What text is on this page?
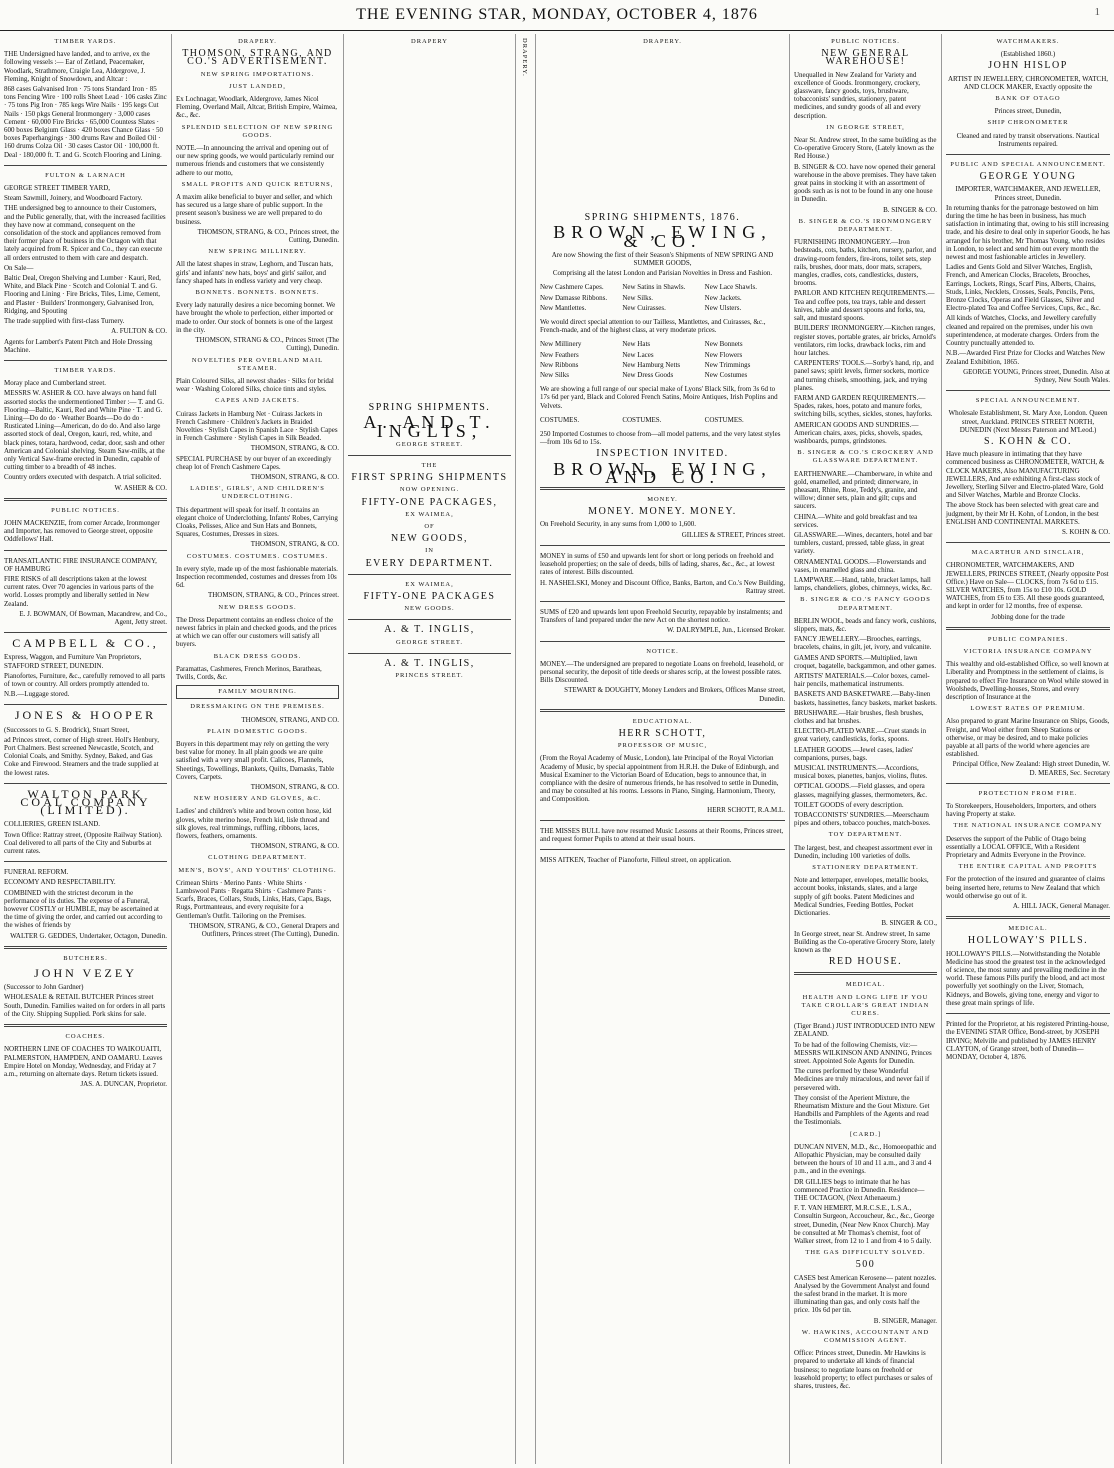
THE EVENING STAR, MONDAY, OCTOBER 4, 1876	1
TIMBER YARDS.
THE Undersigned have landed, and to arrive, ex the following vessels :— Ear of Zetland, Peacemaker, Woodlark, Strathmore, Craigie Lea, Aldergrove, J. Fleming, Knight of Snowdown, and Altcar :
868 cases Galvanised Iron · 75 tons Standard Iron · 85 tons Fencing Wire · 100 rolls Sheet Lead · 106 casks Zinc · 75 tons Pig Iron · 785 kegs Wire Nails · 195 kegs Cut Nails · 150 pkgs General Ironmongery · 3,000 cases Cement · 60,000 Fire Bricks · 65,000 Countess Slates · 600 boxes Belgium Glass · 420 boxes Chance Glass · 50 boxes Paperhangings · 300 drums Raw and Boiled Oil · 160 drums Colza Oil · 30 cases Castor Oil · 100,000 ft. Deal · 180,000 ft. T. and G. Scotch Flooring and Lining.
FULTON & LARNACH
GEORGE STREET TIMBER YARD,
Steam Sawmill, Joinery, and Woodboard Factory.
THE undersigned beg to announce to their Customers, and the Public generally, that, with the increased facilities they have now at command, consequent on the consolidation of the stock and appliances removed from their former place of business in the Octagon with that lately acquired from R. Spicer and Co., they can execute all orders entrusted to them with care and despatch.
On Sale—
Baltic Deal, Oregon Shelving and Lumber · Kauri, Red, White, and Black Pine · Scotch and Colonial T. and G. Flooring and Lining · Fire Bricks, Tiles, Lime, Cement, and Plaster · Builders' Ironmongery, Galvanised Iron, Ridging, and Spouting
The trade supplied with first-class Turnery.
A. FULTON & CO.
Agents for Lambert's Patent Pitch and Hole Dressing Machine.
TIMBER YARDS.
Moray place and Cumberland street.
MESSRS W. ASHER & CO. have always on hand full assorted stocks the undermentioned Timber :— T. and G. Flooring—Baltic, Kauri, Red and White Pine · T. and G. Lining—Do do do · Weather Boards—Do do do · Rusticated Lining—American, do do do. And also large assorted stock of deal, Oregon, kauri, red, white, and black pines, totara, hardwood, cedar, door, sash and other American and Colonial shelving. Steam Saw-mills, at the only Vertical Saw-frame erected in Dunedin, capable of cutting timber to a breadth of 48 inches.
Country orders executed with despatch. A trial solicited.
W. ASHER & CO.
PUBLIC NOTICES.
JOHN MACKENZIE, from corner Arcade, Ironmonger and Importer, has removed to George street, opposite Oddfellows' Hall.
TRANSATLANTIC FIRE INSURANCE COMPANY, OF HAMBURG
FIRE RISKS of all descriptions taken at the lowest current rates. Over 70 agencies in various parts of the world. Losses promptly and liberally settled in New Zealand.
E. J. BOWMAN, Of Bowman, Macandrew, and Co., Agent, Jetty street.
CAMPBELL & CO.,
Express, Waggon, and Furniture Van Proprietors, STAFFORD STREET, DUNEDIN.
Pianofortes, Furniture, &c., carefully removed to all parts of town or country. All orders promptly attended to.
N.B.—Luggage stored.
JONES & HOOPER
(Successors to G. S. Brodrick), Stuart Street,
ad Princes street, corner of High street. Holl's Henbury, Port Chalmers. Best screened Newcastle, Scotch, and Colonial Coals, and Smithy. Sydney, Baked, and Gas Coke and Firewood. Steamers and the trade supplied at the lowest rates.
WALTON PARK COAL COMPANY (LIMITED).
COLLIERIES, GREEN ISLAND.
Town Office: Rattray street, (Opposite Railway Station). Coal delivered to all parts of the City and Suburbs at current rates.
FUNERAL REFORM.
ECONOMY AND RESPECTABILITY.
COMBINED with the strictest decorum in the performance of its duties. The expense of a Funeral, however COSTLY or HUMBLE, may be ascertained at the time of giving the order, and carried out according to the wishes of friends by
WALTER G. GEDDES, Undertaker, Octagon, Dunedin.
BUTCHERS.
JOHN VEZEY
(Successor to John Gardner)
WHOLESALE & RETAIL BUTCHER Princes street South, Dunedin. Families waited on for orders in all parts of the City. Shipping Supplied. Pork skins for sale.
COACHES.
NORTHERN LINE OF COACHES TO WAIKOUAITI, PALMERSTON, HAMPDEN, AND OAMARU. Leaves Empire Hotel on Monday, Wednesday, and Friday at 7 a.m., returning on alternate days. Return tickets issued.
JAS. A. DUNCAN, Proprietor.
DRAPERY.
THOMSON, STRANG, AND CO.'S ADVERTISEMENT.
NEW SPRING IMPORTATIONS.
JUST LANDED,
Ex Lochnagar, Woodlark, Aldergrove, James Nicol Fleming, Overland Mail, Altcar, British Empire, Waimea, &c., &c.
SPLENDID SELECTION OF NEW SPRING GOODS.
NOTE.—In announcing the arrival and opening out of our new spring goods, we would particularly remind our numerous friends and customers that we consistently adhere to our motto,
SMALL PROFITS AND QUICK RETURNS,
A maxim alike beneficial to buyer and seller, and which has secured us a large share of public support. In the present season's business we are well prepared to do business.
THOMSON, STRANG, & CO., Princes street, the Cutting, Dunedin.
NEW SPRING MILLINERY.
All the latest shapes in straw, Leghorn, and Tuscan hats, girls' and infants' new hats, boys' and girls' sailor, and fancy shaped hats in endless variety and very cheap.
BONNETS. BONNETS. BONNETS.
Every lady naturally desires a nice becoming bonnet. We have brought the whole to perfection, either imported or made to order. Our stock of bonnets is one of the largest in the city.
THOMSON, STRANG & CO., Princes Street (The Cutting), Dunedin.
NOVELTIES PER OVERLAND MAIL STEAMER.
Plain Coloured Silks, all newest shades · Silks for bridal wear · Washing Colored Silks, choice tints and styles.
CAPES AND JACKETS.
Cuirass Jackets in Hamburg Net · Cuirass Jackets in French Cashmere · Children's Jackets in Braided Novelties · Stylish Capes in Spanish Lace · Stylish Capes in French Cashmere · Stylish Capes in Silk Beaded.
THOMSON, STRANG, & CO.
SPECIAL PURCHASE by our buyer of an exceedingly cheap lot of French Cashmere Capes.
THOMSON, STRANG, & CO.
LADIES', GIRLS', AND CHILDREN'S UNDERCLOTHING.
This department will speak for itself. It contains an elegant choice of Underclothing, Infants' Robes, Carrying Cloaks, Pelisses, Alice and Sun Hats and Bonnets, Squares, Costumes, Dresses in sizes.
THOMSON, STRANG, & CO.
COSTUMES. COSTUMES. COSTUMES.
In every style, made up of the most fashionable materials. Inspection recommended, costumes and dresses from 10s 6d.
THOMSON, STRANG, & CO., Princes street.
NEW DRESS GOODS.
The Dress Department contains an endless choice of the newest fabrics in plain and checked goods, and the prices at which we can offer our customers will satisfy all buyers.
BLACK DRESS GOODS.
Paramattas, Cashmeres, French Merinos, Baratheas, Twills, Cords, &c.
FAMILY MOURNING.
DRESSMAKING ON THE PREMISES.
THOMSON, STRANG, AND CO.
PLAIN DOMESTIC GOODS.
Buyers in this department may rely on getting the very best value for money. In all plain goods we are quite satisfied with a very small profit. Calicoes, Flannels, Sheetings, Towellings, Blankets, Quilts, Damasks, Table Covers, Carpets.
THOMSON, STRANG, & CO.
NEW HOSIERY AND GLOVES, &C.
Ladies' and children's white and brown cotton hose, kid gloves, white merino hose, French kid, lisle thread and silk gloves, real trimmings, ruffling, ribbons, laces, flowers, feathers, ornaments.
THOMSON, STRANG, & CO.
CLOTHING DEPARTMENT.
MEN'S, BOYS', AND YOUTHS' CLOTHING.
Crimean Shirts · Merino Pants · White Shirts · Lambswool Pants · Regatta Shirts · Cashmere Pants · Scarfs, Braces, Collars, Studs, Links, Hats, Caps, Bags, Rugs, Portmanteaus, and every requisite for a Gentleman's Outfit. Tailoring on the Premises.
THOMSON, STRANG, & CO., General Drapers and Outfitters, Princes street (The Cutting), Dunedin.
DRAPERY
SPRING SHIPMENTS.
A. AND T. INGLIS,
GEORGE STREET.
THE
FIRST SPRING SHIPMENTS
NOW OPENING.
FIFTY-ONE PACKAGES,
EX WAIMEA,
OF
NEW GOODS,
IN
EVERY DEPARTMENT.
EX WAIMEA,
FIFTY-ONE PACKAGES
NEW GOODS.
A. & T. INGLIS,
GEORGE STREET.
A. & T. INGLIS,
PRINCES STREET.
DRAPERY.	DRAPERY.
SPRING SHIPMENTS, 1876.
BROWN, EWING, & CO.
Are now Showing the first of their Season's Shipments of NEW SPRING AND SUMMER GOODS,
Comprising all the latest London and Parisian Novelties in Dress and Fashion.
New Cashmere Capes.	New Satins in Shawls.	New Lace Shawls.
New Damasse Ribbons.	New Silks.	New Jackets.
New Mantlettes.	New Cuirasses.	New Ulsters.
We would direct special attention to our Tailless, Mantlettes, and Cuirasses, &c., French-made, and of the highest class, at very moderate prices.
New Millinery	New Hats	New Bonnets
New Feathers	New Laces	New Flowers
New Ribbons	New Hamburg Netts	New Trimmings
New Silks	New Dress Goods	New Costumes
We are showing a full range of our special make of Lyons' Black Silk, from 3s 6d to 17s 6d per yard, Black and Colored French Satins, Moire Antiques, Irish Poplins and Velvets.
COSTUMES.	COSTUMES.	COSTUMES.
250 Imported Costumes to choose from—all model patterns, and the very latest styles—from 10s 6d to 15s.
INSPECTION INVITED.
BROWN, EWING, AND CO.
MONEY.
MONEY. MONEY. MONEY.
On Freehold Security, in any sums from 1,000 to 1,600.
GILLIES & STREET, Princes street.
MONEY in sums of £50 and upwards lent for short or long periods on freehold and leasehold properties; on the sale of deeds, bills of lading, shares, &c., &c., at lowest rates of interest. Bills discounted.
H. NASHELSKI, Money and Discount Office, Banks, Barton, and Co.'s New Building, Rattray street.
SUMS of £20 and upwards lent upon Freehold Security, repayable by instalments; and Transfers of land prepared under the new Act on the shortest notice.
W. DALRYMPLE, Jun., Licensed Broker.
NOTICE.
MONEY.—The undersigned are prepared to negotiate Loans on freehold, leasehold, or personal security, the deposit of title deeds or shares scrip, at the lowest possible rates. Bills Discounted.
STEWART & DOUGHTY, Money Lenders and Brokers, Offices Manse street, Dunedin.
EDUCATIONAL.
HERR SCHOTT,
PROFESSOR OF MUSIC,
(From the Royal Academy of Music, London), late Principal of the Royal Victorian Academy of Music, by special appointment from H.R.H. the Duke of Edinburgh, and Musical Examiner to the Victorian Board of Education, begs to announce that, in compliance with the desire of numerous friends, he has resolved to settle in Dunedin, and may be consulted at his rooms. Lessons in Piano, Singing, Harmonium, Theory, and Composition.
HERR SCHOTT, R.A.M.L.
THE MISSES BULL have now resumed Music Lessons at their Rooms, Princes street, and request former Pupils to attend at their usual hours.
MISS AITKEN, Teacher of Pianoforte, Filleul street, on application.
PUBLIC NOTICES.
NEW GENERAL WAREHOUSE!
Unequalled in New Zealand for Variety and excellence of Goods. Ironmongery, crockery, glassware, fancy goods, toys, brushware, tobacconists' sundries, stationery, patent medicines, and sundry goods of all and every description.
IN GEORGE STREET,
Near St. Andrew street, In the same building as the Co-operative Grocery Store, (Lately known as the Red House.)
B. SINGER & CO. have now opened their general warehouse in the above premises. They have taken great pains in stocking it with an assortment of goods such as is not to be found in any one house in Dunedin.
B. SINGER & CO.
B. SINGER & CO.'S IRONMONGERY DEPARTMENT.
FURNISHING IRONMONGERY.—Iron bedsteads, cots, baths, kitchen, nursery, parlor, and drawing-room fenders, fire-irons, toilet sets, step rails, brushes, door mats, door mats, scrapers, mangles, cradles, cots, candlesticks, dusters, brooms.
PARLOR AND KITCHEN REQUIREMENTS.—Tea and coffee pots, tea trays, table and dessert knives, table and dessert spoons and forks, tea, salt, and mustard spoons.
BUILDERS' IRONMONGERY.—Kitchen ranges, register stoves, portable grates, air bricks, Arnold's ventilators, rim locks, drawback locks, rim and hour latches.
CARPENTERS' TOOLS.—Sorby's hand, rip, and panel saws; spirit levels, firmer sockets, mortice and turning chisels, smoothing, jack, and trying planes.
FARM AND GARDEN REQUIREMENTS.—Spades, rakes, hoes, potato and manure forks, switching bills, scythes, sickles, stones, hayforks.
AMERICAN GOODS AND SUNDRIES.—American chairs, axes, picks, shovels, spades, washboards, pumps, grindstones.
B. SINGER & CO.'S CROCKERY AND GLASSWARE DEPARTMENT.
EARTHENWARE.—Chamberware, in white and gold, enamelled, and printed; dinnerware, in pheasant, Rhine, Rose, Teddy's, granite, and willow; dinner sets, plain and gilt; cups and saucers.
CHINA.—White and gold breakfast and tea services.
GLASSWARE.—Wines, decanters, hotel and bar tumblers, custard, pressed, table glass, in great variety.
ORNAMENTAL GOODS.—Flowerstands and vases, in enamelled glass and china.
LAMPWARE.—Hand, table, bracket lamps, hall lamps, chandeliers, globes, chimneys, wicks, &c.
B. SINGER & CO.'S FANCY GOODS DEPARTMENT.
BERLIN WOOL, beads and fancy work, cushions, slippers, mats, &c.
FANCY JEWELLERY.—Brooches, earrings, bracelets, chains, in gilt, jet, ivory, and vulcanite.
GAMES AND SPORTS.—Multiplied, lawn croquet, bagatelle, backgammon, and other games.
ARTISTS' MATERIALS.—Color boxes, camel-hair pencils, mathematical instruments.
BASKETS AND BASKETWARE.—Baby-linen baskets, hassinettes, fancy baskets, market baskets.
BRUSHWARE.—Hair brushes, flesh brushes, clothes and hat brushes.
ELECTRO-PLATED WARE.—Cruet stands in great variety, candlesticks, forks, spoons.
LEATHER GOODS.—Jewel cases, ladies' companions, purses, bags.
MUSICAL INSTRUMENTS.—Accordions, musical boxes, pianettes, banjos, violins, flutes.
OPTICAL GOODS.—Field glasses, and opera glasses, magnifying glasses, thermometers, &c.
TOILET GOODS of every description.
TOBACCONISTS' SUNDRIES.—Meerschaum pipes and others, tobacco pouches, match-boxes.
TOY DEPARTMENT.
The largest, best, and cheapest assortment ever in Dunedin, including 100 varieties of dolls.
STATIONERY DEPARTMENT.
Note and letterpaper, envelopes, metallic books, account books, inkstands, slates, and a large supply of gift books. Patent Medicines and Medical Sundries, Feeding Bottles, Pocket Dictionaries.
B. SINGER & CO.,
In George street, near St. Andrew street, In same Building as the Co-operative Grocery Store, lately known as the
RED HOUSE.
MEDICAL.
HEALTH AND LONG LIFE IF YOU TAKE CROLLAR'S GREAT INDIAN CURES.
(Tiger Brand.) JUST INTRODUCED INTO NEW ZEALAND.
To be had of the following Chemists, viz:— MESSRS WILKINSON AND ANNING, Princes street. Appointed Sole Agents for Dunedin.
The cures performed by these Wonderful Medicines are truly miraculous, and never fail if persevered with.
They consist of the Aperient Mixture, the Rheumatism Mixture and the Gout Mixture. Get Handbills and Pamphlets of the Agents and read the Testimonials.
[CARD.]
DUNCAN NIVEN, M.D., &c., Homoeopathic and Allopathic Physician, may be consulted daily between the hours of 10 and 11 a.m., and 3 and 4 p.m., and in the evenings.
DR GILLIES begs to intimate that he has commenced Practice in Dunedin. Residence—THE OCTAGON, (Next Athenaeum.)
F. T. VAN HEMERT, M.R.C.S.E., L.S.A., Consultin Surgeon, Accoucheur, &c., &c., George street, Dunedin, (Near New Knox Church). May be consulted at Mr Thomas's chemist, foot of Walker street, from 12 to 1 and from 4 to 5 daily.
THE GAS DIFFICULTY SOLVED.
500
CASES best American Kerosene— patent nozzles. Analysed by the Government Analyst and found the safest brand in the market. It is more illuminating than gas, and only costs half the price. 10s 6d per tin.
B. SINGER, Manager.
W. HAWKINS, ACCOUNTANT AND COMMISSION AGENT.
Office: Princes street, Dunedin. Mr Hawkins is prepared to undertake all kinds of financial business; to negotiate loans on freehold or leasehold property; to effect purchases or sales of shares, trustees, &c.
WATCHMAKERS.
(Established 1860.)
JOHN HISLOP
ARTIST IN JEWELLERY, CHRONOMETER, WATCH, AND CLOCK MAKER, Exactly opposite the
BANK OF OTAGO
Princes street, Dunedin,
SHIP CHRONOMETER
Cleaned and rated by transit observations. Nautical Instruments repaired.
PUBLIC AND SPECIAL ANNOUNCEMENT.
GEORGE YOUNG
IMPORTER, WATCHMAKER, AND JEWELLER, Princes street, Dunedin.
In returning thanks for the patronage bestowed on him during the time he has been in business, has much satisfaction in intimating that, owing to his still increasing trade, and his desire to deal only in superior Goods, he has arranged for his brother, Mr Thomas Young, who resides in London, to select and send him out every month the newest and most fashionable articles in Jewellery.
Ladies and Gents Gold and Silver Watches, English, French, and American Clocks, Bracelets, Brooches, Earrings, Lockets, Rings, Scarf Pins, Alberts, Chains, Studs, Links, Necklets, Crosses, Seals, Pencils, Pens, Bronze Clocks, Operas and Field Glasses, Silver and Electro-plated Tea and Coffee Services, Cups, &c., &c.
All kinds of Watches, Clocks, and Jewellery carefully cleaned and repaired on the premises, under his own superintendence, at moderate charges. Orders from the Country punctually attended to.
N.B.—Awarded First Prize for Clocks and Watches New Zealand Exhibition, 1865.
GEORGE YOUNG, Princes street, Dunedin. Also at Sydney, New South Wales.
SPECIAL ANNOUNCEMENT.
Wholesale Establishment, St. Mary Axe, London. Queen street, Auckland. PRINCES STREET NORTH, DUNEDIN (Next Messrs Paterson and M'Leod.)
S. KOHN & CO.
Have much pleasure in intimating that they have commenced business as CHRONOMETER, WATCH, & CLOCK MAKERS, Also MANUFACTURING JEWELLERS, And are exhibiting A first-class stock of Jewellery, Sterling Silver and Electro-plated Ware, Gold and Silver Watches, Marble and Bronze Clocks.
The above Stock has been selected with great care and judgment, by their Mr H. Kohn, of London, in the best ENGLISH AND CONTINENTAL MARKETS.
S. KOHN & CO.
MACARTHUR AND SINCLAIR,
CHRONOMETER, WATCHMAKERS, AND JEWELLERS, PRINCES STREET, (Nearly opposite Post Office.) Have on Sale— CLOCKS, from 7s 6d to £15. SILVER WATCHES, from 15s to £10 10s. GOLD WATCHES, from £6 to £35. All these goods guaranteed, and kept in order for 12 months, free of expense.
Jobbing done for the trade
PUBLIC COMPANIES.
VICTORIA INSURANCE COMPANY
This wealthy and old-established Office, so well known at Liberality and Promptness in the settlement of claims, is prepared to effect Fire Insurance on Wool while stowed in Woolsheds, Dwelling-houses, Stores, and every description of Insurance at the
LOWEST RATES OF PREMIUM.
Also prepared to grant Marine Insurance on Ships, Goods, Freight, and Wool either from Sheep Stations or otherwise, or may be desired, and to make policies payable at all parts of the world where agencies are established.
Principal Office, New Zealand: High street Dunedin, W. D. MEARES, Sec. Secretary
PROTECTION FROM FIRE.
To Storekeepers, Householders, Importers, and others having Property at stake.
THE NATIONAL INSURANCE COMPANY
Deserves the support of the Public of Otago being essentially a LOCAL OFFICE, With a Resident Proprietary and Admits Everyone in the Province.
THE ENTIRE CAPITAL AND PROFITS
For the protection of the insured and guarantee of claims being inserted here, returns to New Zealand that which would otherwise go out of it.
A. HILL JACK, General Manager.
MEDICAL.
HOLLOWAY'S PILLS.
HOLLOWAY'S PILLS.—Notwithstanding the Notable Medicine has stood the greatest test in the acknowledged of science, the most sunny and prevailing medicine in the world. These famous Pills purify the blood, and act most powerfully yet soothingly on the Liver, Stomach, Kidneys, and Bowels, giving tone, energy and vigor to these great main springs of life.
Printed for the Proprietor, at his registered Printing-house, the EVENING STAR Office, Bond-street, by JOSEPH IRVING; Melville and published by JAMES HENRY CLAYTON, of Grange street, both of Dunedin— MONDAY, October 4, 1876.
